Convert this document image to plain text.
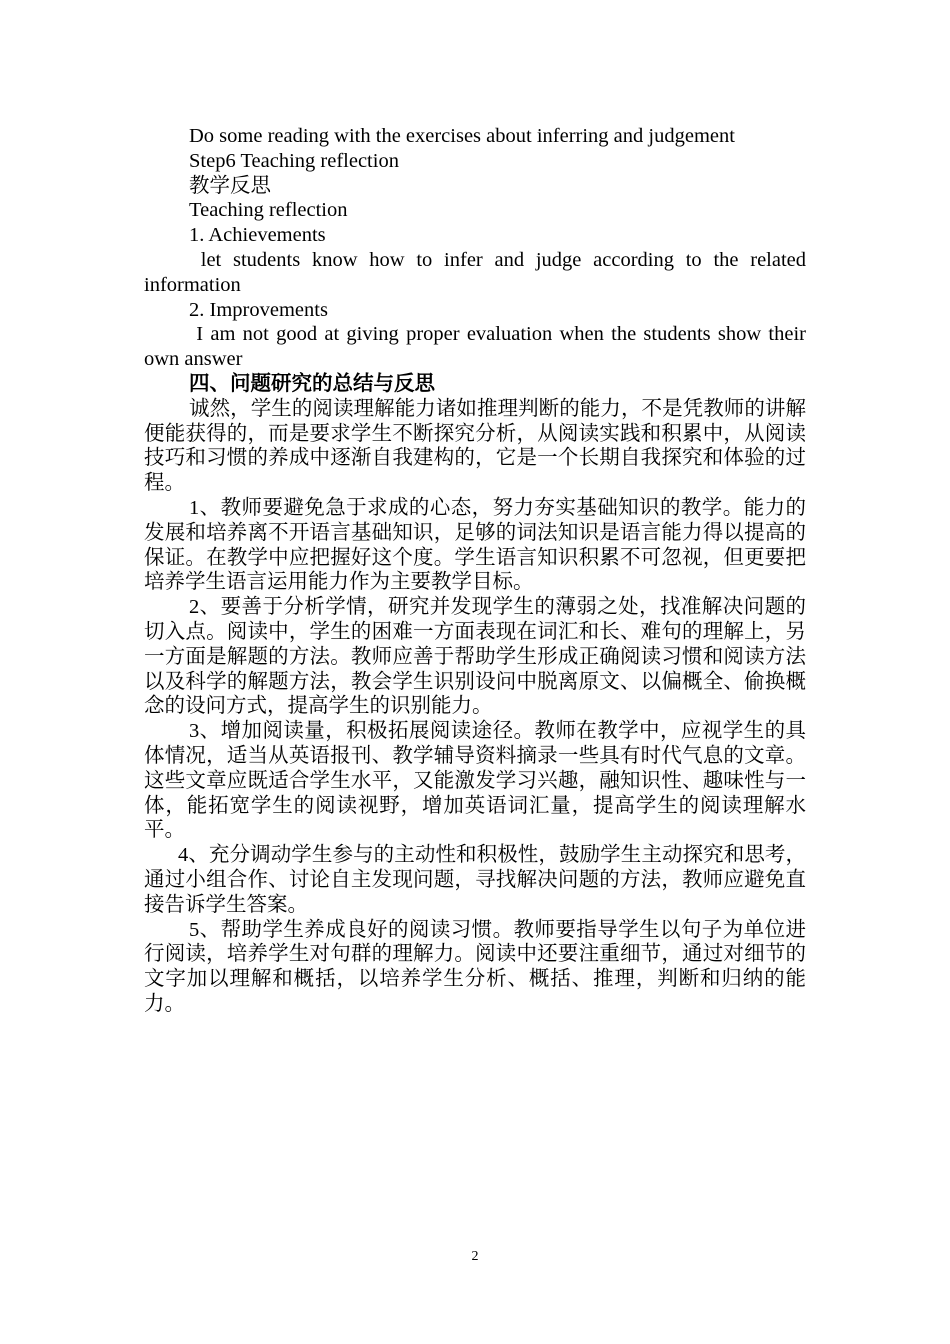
Do some reading with the exercises about inferring and judgement

Step6 Teaching reflection

教学反思

Teaching reflection

1. Achievements

let students know how to infer and judge according to the related information

2. Improvements

I am not good at giving proper evaluation when the students show their own answer

四、问题研究的总结与反思

诚然，学生的阅读理解能力诸如推理判断的能力，不是凭教师的讲解便能获得的，而是要求学生不断探究分析，从阅读实践和积累中，从阅读技巧和习惯的养成中逐渐自我建构的，它是一个长期自我探究和体验的过程。

1、教师要避免急于求成的心态，努力夯实基础知识的教学。能力的发展和培养离不开语言基础知识，足够的词法知识是语言能力得以提高的保证。在教学中应把握好这个度。学生语言知识积累不可忽视，但更要把培养学生语言运用能力作为主要教学目标。

2、要善于分析学情，研究并发现学生的薄弱之处，找准解决问题的切入点。阅读中，学生的困难一方面表现在词汇和长、难句的理解上，另一方面是解题的方法。教师应善于帮助学生形成正确阅读习惯和阅读方法以及科学的解题方法，教会学生识别设问中脱离原文、以偏概全、偷换概念的设问方式，提高学生的识别能力。

3、增加阅读量，积极拓展阅读途径。教师在教学中，应视学生的具体情况，适当从英语报刊、教学辅导资料摘录一些具有时代气息的文章。这些文章应既适合学生水平，又能激发学习兴趣，融知识性、趣味性与一体，能拓宽学生的阅读视野，增加英语词汇量，提高学生的阅读理解水平。

4、充分调动学生参与的主动性和积极性，鼓励学生主动探究和思考，通过小组合作、讨论自主发现问题，寻找解决问题的方法，教师应避免直接告诉学生答案。

5、帮助学生养成良好的阅读习惯。教师要指导学生以句子为单位进行阅读，培养学生对句群的理解力。阅读中还要注重细节，通过对细节的文字加以理解和概括，以培养学生分析、概括、推理，判断和归纳的能力。

2
